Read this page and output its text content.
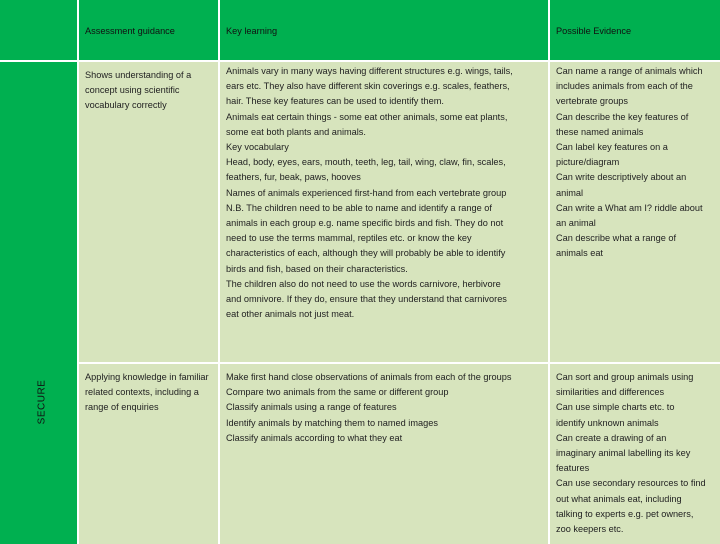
Assessment guidance	Key learning	Possible Evidence
SECURE
Shows understanding of a concept using scientific vocabulary correctly
Animals vary in many ways having different structures e.g. wings, tails,
ears etc. They also have different skin coverings e.g. scales, feathers,
hair. These key features can be used to identify them.
Animals eat certain things - some eat other animals, some eat plants,
some eat both plants and animals.
Key vocabulary
Head, body, eyes, ears, mouth, teeth, leg, tail, wing, claw, fin, scales,
feathers, fur, beak, paws, hooves
Names of animals experienced first-hand from each vertebrate group
N.B. The children need to be able to name and identify a range of
animals in each group e.g. name specific birds and fish. They do not
need to use the terms mammal, reptiles etc. or know the key
characteristics of each, although they will probably be able to identify
birds and fish, based on their characteristics.
The children also do not need to use the words carnivore, herbivore
and omnivore. If they do, ensure that they understand that carnivores
eat other animals not just meat.
Can name a range of animals which
includes animals from each of the
vertebrate groups
Can describe the key features of
these named animals
Can label key features on a
picture/diagram
Can write descriptively about an
animal
Can write a What am I? riddle about
an animal
Can describe what a range of
animals eat
Applying knowledge in familiar related contexts, including a range of enquiries
Make first hand close observations of animals from each of the groups
Compare two animals from the same or different group
Classify animals using a range of features
Identify animals by matching them to named images
Classify animals according to what they eat
Can sort and group animals using
similarities and differences
Can use simple charts etc. to
identify unknown animals
Can create a drawing of an
imaginary animal labelling its key
features
Can use secondary resources to find
out what animals eat, including
talking to experts e.g. pet owners,
zoo keepers etc.
